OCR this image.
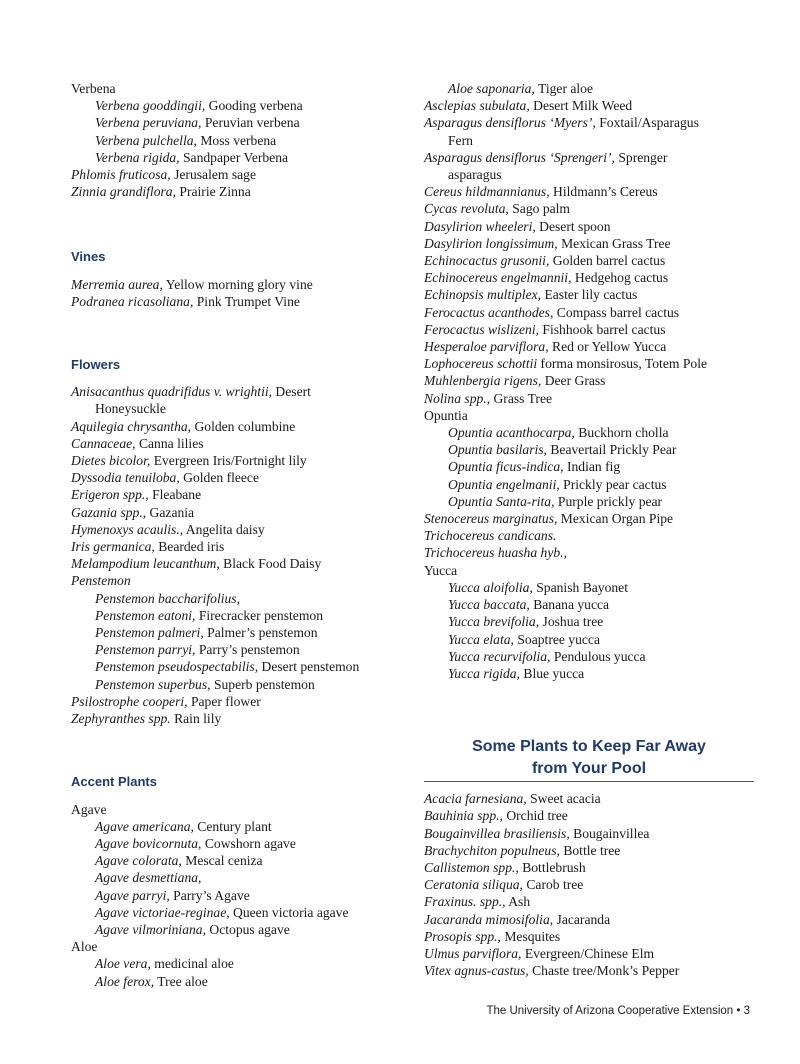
Verbena
Verbena gooddingii, Gooding verbena
Verbena peruviana, Peruvian verbena
Verbena pulchella, Moss verbena
Verbena rigida, Sandpaper Verbena
Phlomis fruticosa, Jerusalem sage
Zinnia grandiflora, Prairie Zinna
Vines
Merremia aurea, Yellow morning glory vine
Podranea ricasoliana, Pink Trumpet Vine
Flowers
Anisacanthus quadrifidus v. wrightii, Desert
Honeysuckle
Aquilegia chrysantha, Golden columbine
Cannaceae, Canna lilies
Dietes bicolor, Evergreen Iris/Fortnight lily
Dyssodia tenuiloba, Golden fleece
Erigeron spp., Fleabane
Gazania spp., Gazania
Hymenoxys acaulis., Angelita daisy
Iris germanica, Bearded iris
Melampodium leucanthum, Black Food Daisy
Penstemon
Penstemon baccharifolius,
Penstemon eatoni, Firecracker penstemon
Penstemon palmeri, Palmer’s penstemon
Penstemon parryi, Parry’s penstemon
Penstemon pseudospectabilis, Desert penstemon
Penstemon superbus, Superb penstemon
Psilostrophe cooperi, Paper flower
Zephyranthes spp. Rain lily
Accent Plants
Agave
Agave americana, Century plant
Agave bovicornuta, Cowshorn agave
Agave colorata, Mescal ceniza
Agave desmettiana,
Agave parryi, Parry’s Agave
Agave victoriae-reginae, Queen victoria agave
Agave vilmoriniana, Octopus agave
Aloe
Aloe vera, medicinal aloe
Aloe ferox, Tree aloe
Aloe saponaria, Tiger aloe
Asclepias subulata, Desert Milk Weed
Asparagus densiflorus ‘Myers’, Foxtail/Asparagus
Fern
Asparagus densiflorus ‘Sprengeri’, Sprenger
asparagus
Cereus hildmannianus, Hildmann’s Cereus
Cycas revoluta, Sago palm
Dasylirion wheeleri, Desert spoon
Dasylirion longissimum, Mexican Grass Tree
Echinocactus grusonii, Golden barrel cactus
Echinocereus engelmannii, Hedgehog cactus
Echinopsis multiplex, Easter lily cactus
Ferocactus acanthodes, Compass barrel cactus
Ferocactus wislizeni, Fishhook barrel cactus
Hesperaloe parviflora, Red or Yellow Yucca
Lophocereus schottii forma monsirosus, Totem Pole
Muhlenbergia rigens, Deer Grass
Nolina spp., Grass Tree
Opuntia
Opuntia acanthocarpa, Buckhorn cholla
Opuntia basilaris, Beavertail Prickly Pear
Opuntia ficus-indica, Indian fig
Opuntia engelmanii, Prickly pear cactus
Opuntia Santa-rita, Purple prickly pear
Stenocereus marginatus, Mexican Organ Pipe
Trichocereus candicans.
Trichocereus huasha hyb.,
Yucca
Yucca aloifolia, Spanish Bayonet
Yucca baccata, Banana yucca
Yucca brevifolia, Joshua tree
Yucca elata, Soaptree yucca
Yucca recurvifolia, Pendulous yucca
Yucca rigida, Blue yucca
Some Plants to Keep Far Away
from Your Pool
Acacia farnesiana, Sweet acacia
Bauhinia spp., Orchid tree
Bougainvillea brasiliensis, Bougainvillea
Brachychiton populneus, Bottle tree
Callistemon spp., Bottlebrush
Ceratonia siliqua, Carob tree
Fraxinus. spp., Ash
Jacaranda mimosifolia, Jacaranda
Prosopis spp., Mesquites
Ulmus parviflora, Evergreen/Chinese Elm
Vitex agnus-castus, Chaste tree/Monk’s Pepper
The University of Arizona Cooperative Extension • 3
